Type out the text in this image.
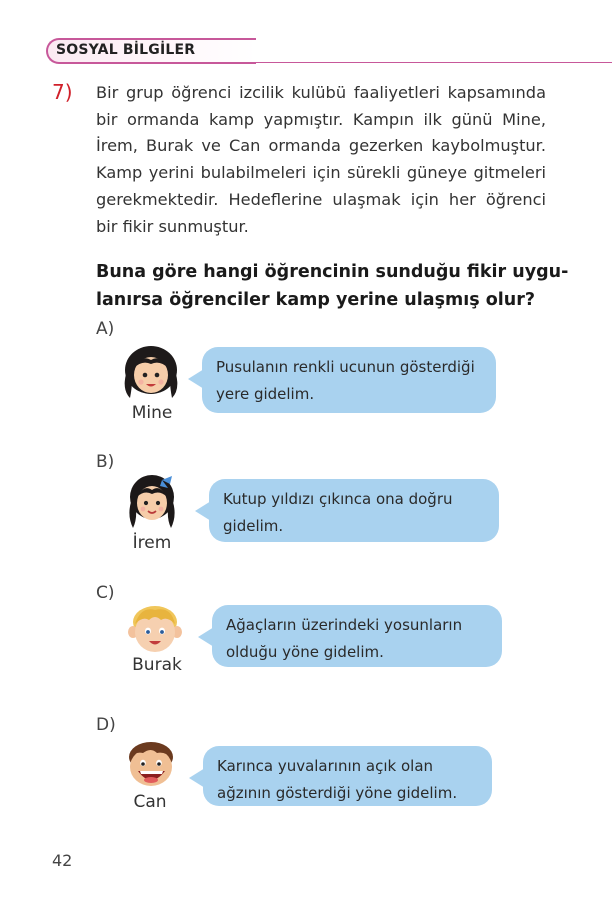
SOSYAL BİLGİLER
7) Bir grup öğrenci izcilik kulübü faaliyetleri kapsamında
bir ormanda kamp yapmıştır. Kampın ilk günü Mine,
İrem, Burak ve Can ormanda gezerken kaybolmuştur.
Kamp yerini bulabilmeleri için sürekli güneye gitmeleri
gerekmektedir. Hedeflerine ulaşmak için her öğrenci
bir fikir sunmuştur.
Buna göre hangi öğrencinin sunduğu fikir uygu-
lanırsa öğrenciler kamp yerine ulaşmış olur?
A)
Mine
Pusulanın renkli ucunun gösterdiği
yere gidelim.
B)
İrem
Kutup yıldızı çıkınca ona doğru
gidelim.
C)
Burak
Ağaçların üzerindeki yosunların
olduğu yöne gidelim.
D)
Can
Karınca yuvalarının açık olan
ağzının gösterdiği yöne gidelim.
42
